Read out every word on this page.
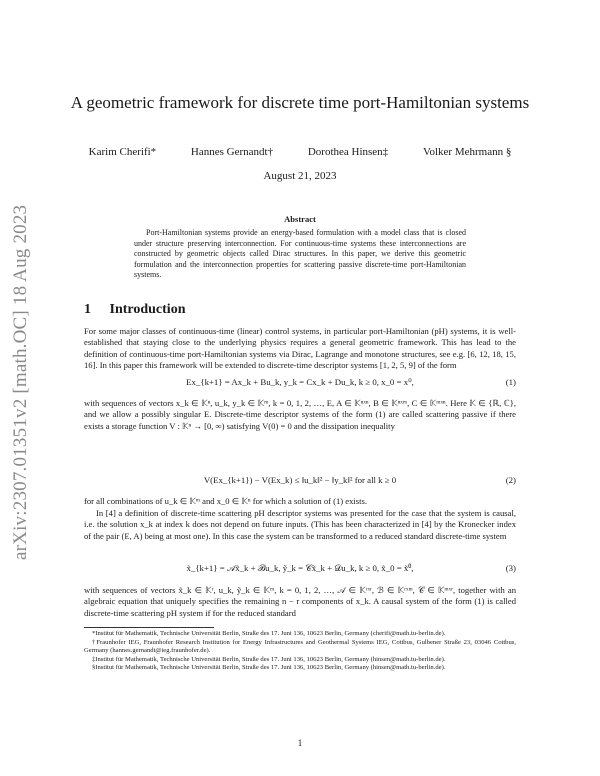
arXiv:2307.01351v2 [math.OC] 18 Aug 2023
A geometric framework for discrete time port-Hamiltonian systems
Karim Cherifi*	Hannes Gernandt†	Dorothea Hinsen‡	Volker Mehrmann §
August 21, 2023
Abstract
Port-Hamiltonian systems provide an energy-based formulation with a model class that is closed under structure preserving interconnection. For continuous-time systems these interconnections are constructed by geometric objects called Dirac structures. In this paper, we derive this geometric formulation and the interconnection properties for scattering passive discrete-time port-Hamiltonian systems.
1 Introduction
For some major classes of continuous-time (linear) control systems, in particular port-Hamiltonian (pH) systems, it is well-established that staying close to the underlying physics requires a general geometric framework. This has lead to the definition of continuous-time port-Hamiltonian systems via Dirac, Lagrange and monotone structures, see e.g. [6, 12, 18, 15, 16]. In this paper this framework will be extended to discrete-time descriptor systems [1, 2, 5, 9] of the form
Ex_{k+1} = Ax_k + Bu_k, y_k = Cx_k + Du_k, k ≥ 0, x_0 = x⁰,	(1)
with sequences of vectors x_k ∈ 𝕂ⁿ, u_k, y_k ∈ 𝕂ᵐ, k = 0, 1, 2, …, E, A ∈ 𝕂ⁿˣⁿ, B ∈ 𝕂ⁿˣᵐ, C ∈ 𝕂ᵐˣⁿ. Here 𝕂 ∈ {ℝ, ℂ}, and we allow a possibly singular E. Discrete-time descriptor systems of the form (1) are called scattering passive if there exists a storage function V : 𝕂ⁿ → [0, ∞) satisfying V(0) = 0 and the dissipation inequality
V(Ex_{k+1}) − V(Ex_k) ≤ ‖u_k‖² − ‖y_k‖² for all k ≥ 0	(2)
for all combinations of u_k ∈ 𝕂ᵐ and x_0 ∈ 𝕂ⁿ for which a solution of (1) exists.
In [4] a definition of discrete-time scattering pH descriptor systems was presented for the case that the system is causal, i.e. the solution x_k at index k does not depend on future inputs. (This has been characterized in [4] by the Kronecker index of the pair (E, A) being at most one). In this case the system can be transformed to a reduced standard discrete-time system
x̃_{k+1} = 𝒜x̃_k + ℬu_k, ỹ_k = 𝒞x̃_k + 𝒟u_k, k ≥ 0, x̃_0 = x̃⁰,	(3)
with sequences of vectors x̃_k ∈ 𝕂ʳ, u_k, ỹ_k ∈ 𝕂ᵐ, k = 0, 1, 2, …, 𝒜 ∈ 𝕂ʳˣʳ, ℬ ∈ 𝕂ʳˣᵐ, 𝒞 ∈ 𝕂ᵐˣʳ, together with an algebraic equation that uniquely specifies the remaining n − r components of x_k. A causal system of the form (1) is called discrete-time scattering pH system if for the reduced standard

*Institut für Mathematik, Technische Universität Berlin, Straße des 17. Juni 136, 10623 Berlin, Germany (cherifi@math.tu-berlin.de).

†Fraunhofer IEG, Fraunhofer Research Institution for Energy Infrastructures and Geothermal Systems IEG, Cottbus, Gulbener Straße 23, 03046 Cottbus, Germany (hannes.gernandt@ieg.fraunhofer.de).

‡Institut für Mathematik, Technische Universität Berlin, Straße des 17. Juni 136, 10623 Berlin, Germany (hinsen@math.tu-berlin.de).

§Institut für Mathematik, Technische Universität Berlin, Straße des 17. Juni 136, 10623 Berlin, Germany (hinsen@math.tu-berlin.de).

1
